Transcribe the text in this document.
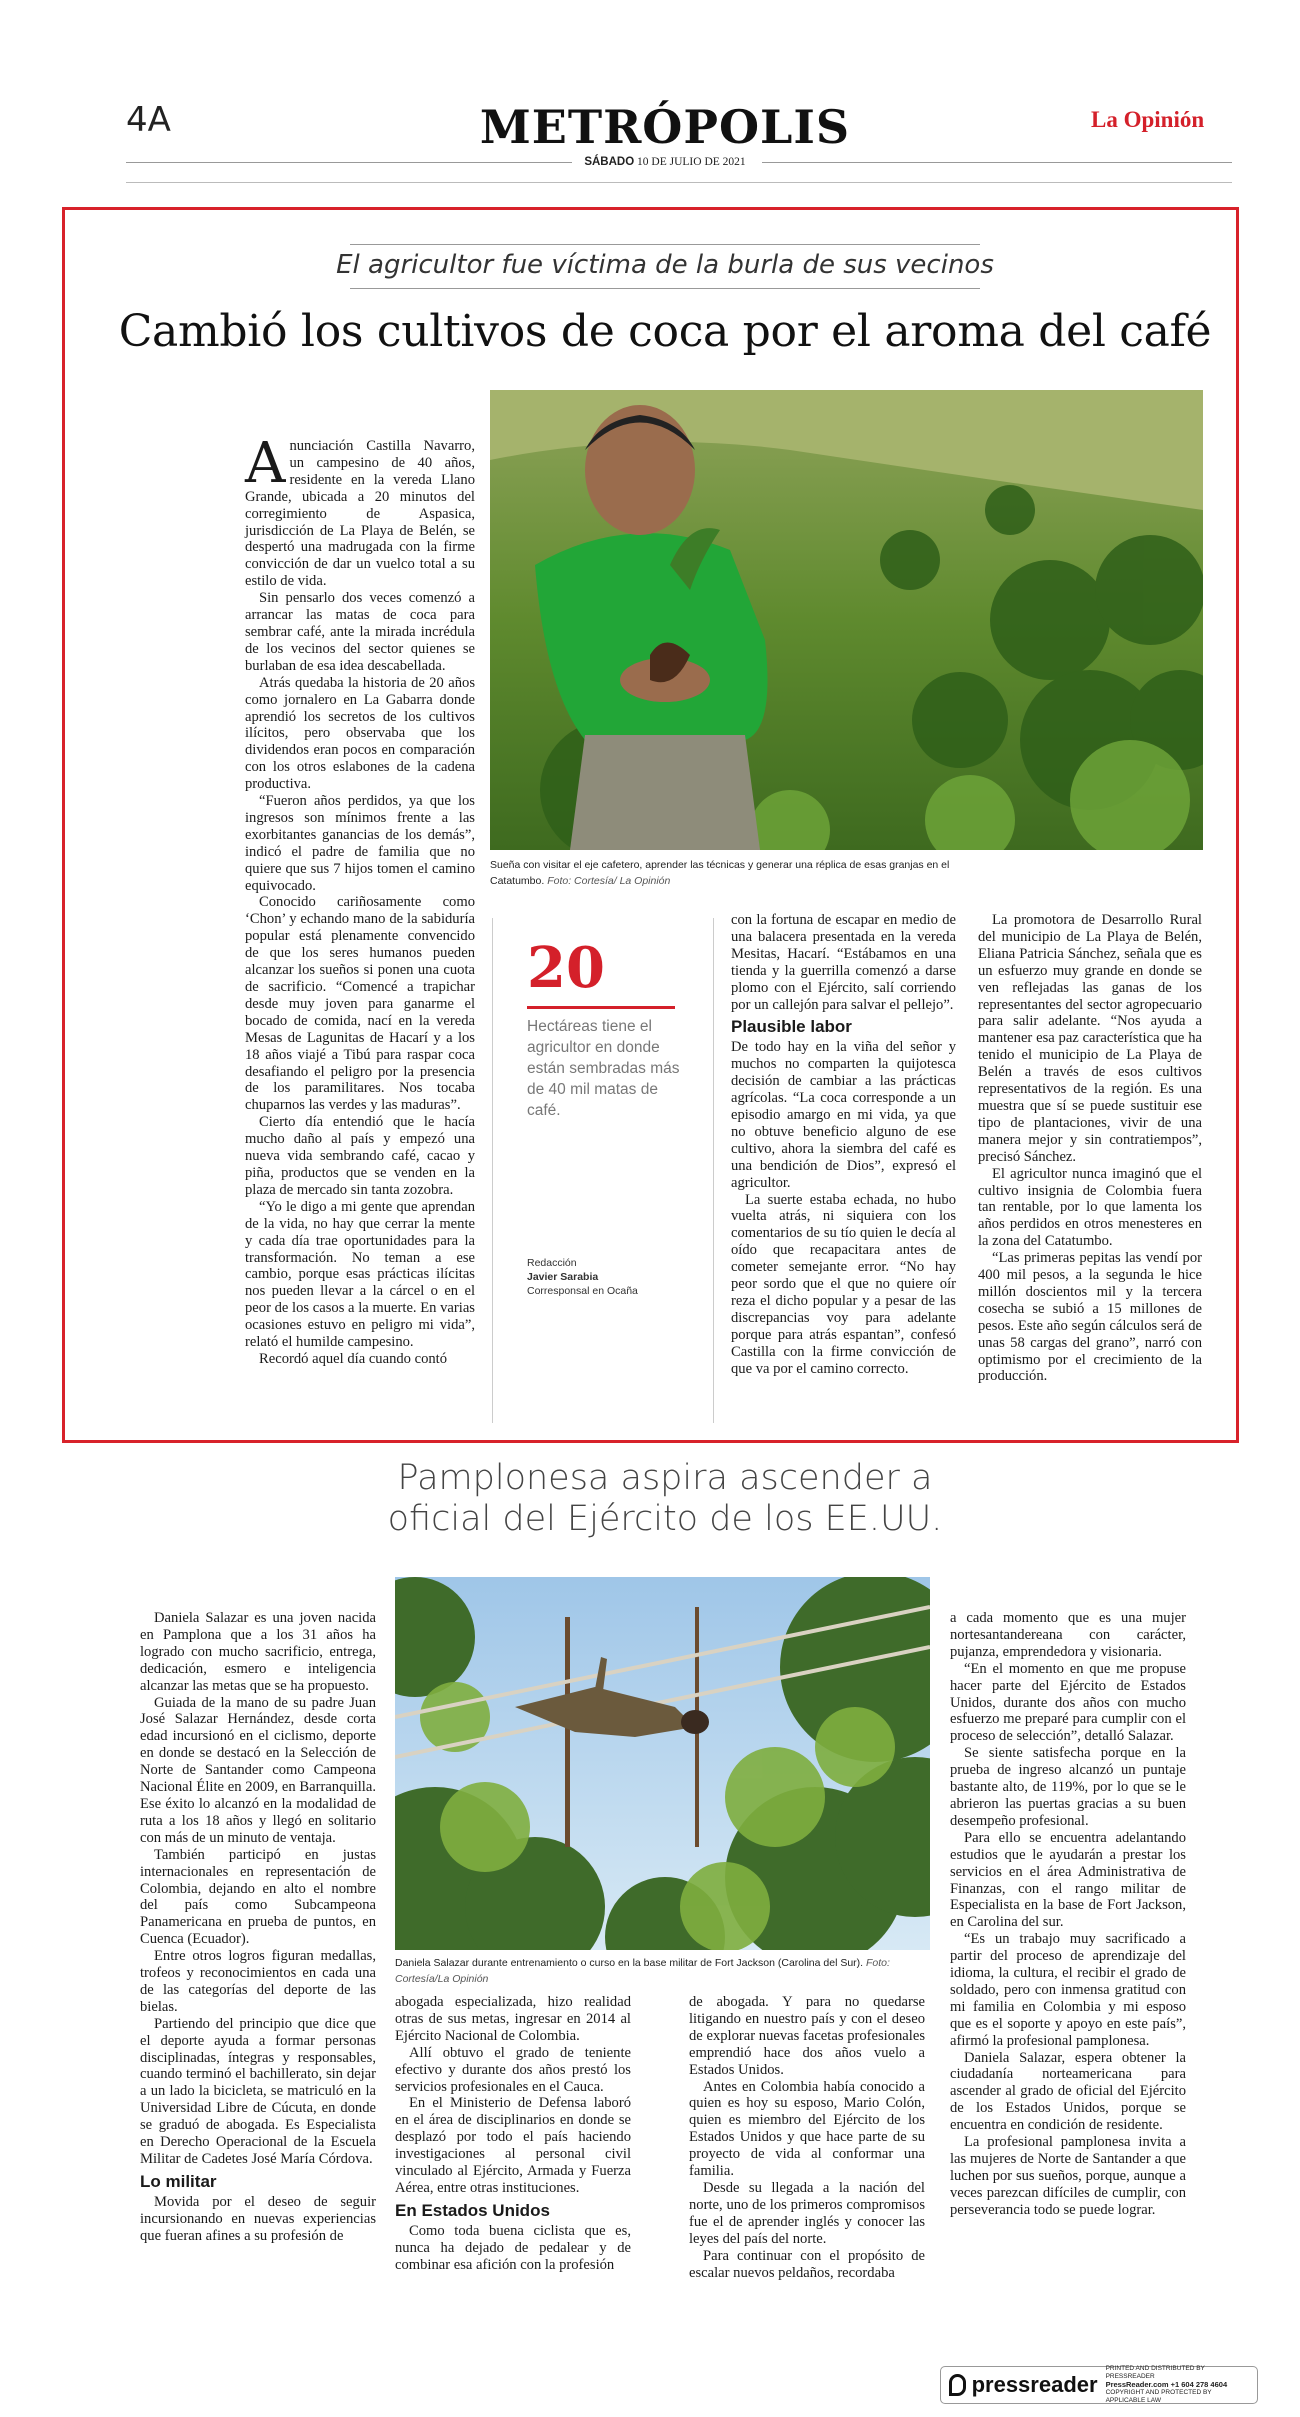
4A	METRÓPOLIS	La Opinión
SÁBADO 10 DE JULIO DE 2021
El agricultor fue víctima de la burla de sus vecinos
Cambió los cultivos de coca por el aroma del café
A nunciación Castilla Navarro, un campesino de 40 años, residente en la vereda Llano Grande, ubicada a 20 minutos del corregimiento de Aspasica, jurisdicción de La Playa de Belén, se despertó una madrugada con la firme convicción de dar un vuelco total a su estilo de vida.

Sin pensarlo dos veces comenzó a arrancar las matas de coca para sembrar café, ante la mirada incrédula de los vecinos del sector quienes se burlaban de esa idea descabellada.

Atrás quedaba la historia de 20 años como jornalero en La Gabarra donde aprendió los secretos de los cultivos ilícitos, pero observaba que los dividendos eran pocos en comparación con los otros eslabones de la cadena productiva.

“Fueron años perdidos, ya que los ingresos son mínimos frente a las exorbitantes ganancias de los demás”, indicó el padre de familia que no quiere que sus 7 hijos tomen el camino equivocado.

Conocido cariñosamente como ‘Chon’ y echando mano de la sabiduría popular está plenamente convencido de que los seres humanos pueden alcanzar los sueños si ponen una cuota de sacrificio. “Comencé a trapichar desde muy joven para ganarme el bocado de comida, nací en la vereda Mesas de Lagunitas de Hacarí y a los 18 años viajé a Tibú para raspar coca desafiando el peligro por la presencia de los paramilitares. Nos tocaba chuparnos las verdes y las maduras”.

Cierto día entendió que le hacía mucho daño al país y empezó una nueva vida sembrando café, cacao y piña, productos que se venden en la plaza de mercado sin tanta zozobra.

“Yo le digo a mi gente que aprendan de la vida, no hay que cerrar la mente y cada día trae oportunidades para la transformación. No teman a ese cambio, porque esas prácticas ilícitas nos pueden llevar a la cárcel o en el peor de los casos a la muerte. En varias ocasiones estuvo en peligro mi vida”, relató el humilde campesino.

Recordó aquel día cuando contó

Sueña con visitar el eje cafetero, aprender las técnicas y generar una réplica de esas granjas en el Catatumbo. Foto: Cortesía/ La Opinión
20
Hectáreas tiene el agricultor en donde están sembradas más de 40 mil matas de café.
Redacción
Javier Sarabia
Corresponsal en Ocaña

con la fortuna de escapar en medio de una balacera presentada en la vereda Mesitas, Hacarí. “Estábamos en una tienda y la guerrilla comenzó a darse plomo con el Ejército, salí corriendo por un callejón para salvar el pellejo”.

Plausible labor

De todo hay en la viña del señor y muchos no comparten la quijotesca decisión de cambiar a las prácticas agrícolas. “La coca corresponde a un episodio amargo en mi vida, ya que no obtuve beneficio alguno de ese cultivo, ahora la siembra del café es una bendición de Dios”, expresó el agricultor.

La suerte estaba echada, no hubo vuelta atrás, ni siquiera con los comentarios de su tío quien le decía al oído que recapacitara antes de cometer semejante error. “No hay peor sordo que el que no quiere oír reza el dicho popular y a pesar de las discrepancias voy para adelante porque para atrás espantan”, confesó Castilla con la firme convicción de que va por el camino correcto.

La promotora de Desarrollo Rural del municipio de La Playa de Belén, Eliana Patricia Sánchez, señala que es un esfuerzo muy grande en donde se ven reflejadas las ganas de los representantes del sector agropecuario para salir adelante. “Nos ayuda a mantener esa paz característica que ha tenido el municipio de La Playa de Belén a través de esos cultivos representativos de la región. Es una muestra que sí se puede sustituir ese tipo de plantaciones, vivir de una manera mejor y sin contratiempos”, precisó Sánchez.

El agricultor nunca imaginó que el cultivo insignia de Colombia fuera tan rentable, por lo que lamenta los años perdidos en otros menesteres en la zona del Catatumbo.

“Las primeras pepitas las vendí por 400 mil pesos, a la segunda le hice millón doscientos mil y la tercera cosecha se subió a 15 millones de pesos. Este año según cálculos será de unas 58 cargas del grano”, narró con optimismo por el crecimiento de la producción.

Pamplonesa aspira ascender a
oficial del Ejército de los EE.UU.

Daniela Salazar es una joven nacida en Pamplona que a los 31 años ha logrado con mucho sacrificio, entrega, dedicación, esmero e inteligencia alcanzar las metas que se ha propuesto.

Guiada de la mano de su padre Juan José Salazar Hernández, desde corta edad incursionó en el ciclismo, deporte en donde se destacó en la Selección de Norte de Santander como Campeona Nacional Élite en 2009, en Barranquilla. Ese éxito lo alcanzó en la modalidad de ruta a los 18 años y llegó en solitario con más de un minuto de ventaja.

También participó en justas internacionales en representación de Colombia, dejando en alto el nombre del país como Subcampeona Panamericana en prueba de puntos, en Cuenca (Ecuador).

Entre otros logros figuran medallas, trofeos y reconocimientos en cada una de las categorías del deporte de las bielas.

Partiendo del principio que dice que el deporte ayuda a formar personas disciplinadas, íntegras y responsables, cuando terminó el bachillerato, sin dejar a un lado la bicicleta, se matriculó en la Universidad Libre de Cúcuta, en donde se graduó de abogada. Es Especialista en Derecho Operacional de la Escuela Militar de Cadetes José María Córdova.

Lo militar

Movida por el deseo de seguir incursionando en nuevas experiencias que fueran afines a su profesión de

Daniela Salazar durante entrenamiento o curso en la base militar de Fort Jackson (Carolina del Sur). Foto: Cortesía/La Opinión

abogada especializada, hizo realidad otras de sus metas, ingresar en 2014 al Ejército Nacional de Colombia.

Allí obtuvo el grado de teniente efectivo y durante dos años prestó los servicios profesionales en el Cauca.

En el Ministerio de Defensa laboró en el área de disciplinarios en donde se desplazó por todo el país haciendo investigaciones al personal civil vinculado al Ejército, Armada y Fuerza Aérea, entre otras instituciones.

En Estados Unidos

Como toda buena ciclista que es, nunca ha dejado de pedalear y de combinar esa afición con la profesión

de abogada. Y para no quedarse litigando en nuestro país y con el deseo de explorar nuevas facetas profesionales emprendió hace dos años vuelo a Estados Unidos.

Antes en Colombia había conocido a quien es hoy su esposo, Mario Colón, quien es miembro del Ejército de los Estados Unidos y que hace parte de su proyecto de vida al conformar una familia.

Desde su llegada a la nación del norte, uno de los primeros compromisos fue el de aprender inglés y conocer las leyes del país del norte.

Para continuar con el propósito de escalar nuevos peldaños, recordaba

a cada momento que es una mujer nortesantandereana con carácter, pujanza, emprendedora y visionaria.

“En el momento en que me propuse hacer parte del Ejército de Estados Unidos, durante dos años con mucho esfuerzo me preparé para cumplir con el proceso de selección”, detalló Salazar.

Se siente satisfecha porque en la prueba de ingreso alcanzó un puntaje bastante alto, de 119%, por lo que se le abrieron las puertas gracias a su buen desempeño profesional.

Para ello se encuentra adelantando estudios que le ayudarán a prestar los servicios en el área Administrativa de Finanzas, con el rango militar de Especialista en la base de Fort Jackson, en Carolina del sur.

“Es un trabajo muy sacrificado a partir del proceso de aprendizaje del idioma, la cultura, el recibir el grado de soldado, pero con inmensa gratitud con mi familia en Colombia y mi esposo que es el soporte y apoyo en este país”, afirmó la profesional pamplonesa.

Daniela Salazar, espera obtener la ciudadanía norteamericana para ascender al grado de oficial del Ejército de los Estados Unidos, porque se encuentra en condición de residente.

La profesional pamplonesa invita a las mujeres de Norte de Santander a que luchen por sus sueños, porque, aunque a veces parezcan difíciles de cumplir, con perseverancia todo se puede lograr.

pressreader
PRINTED AND DISTRIBUTED BY PRESSREADER
PressReader.com +1 604 278 4604
COPYRIGHT AND PROTECTED BY APPLICABLE LAW
